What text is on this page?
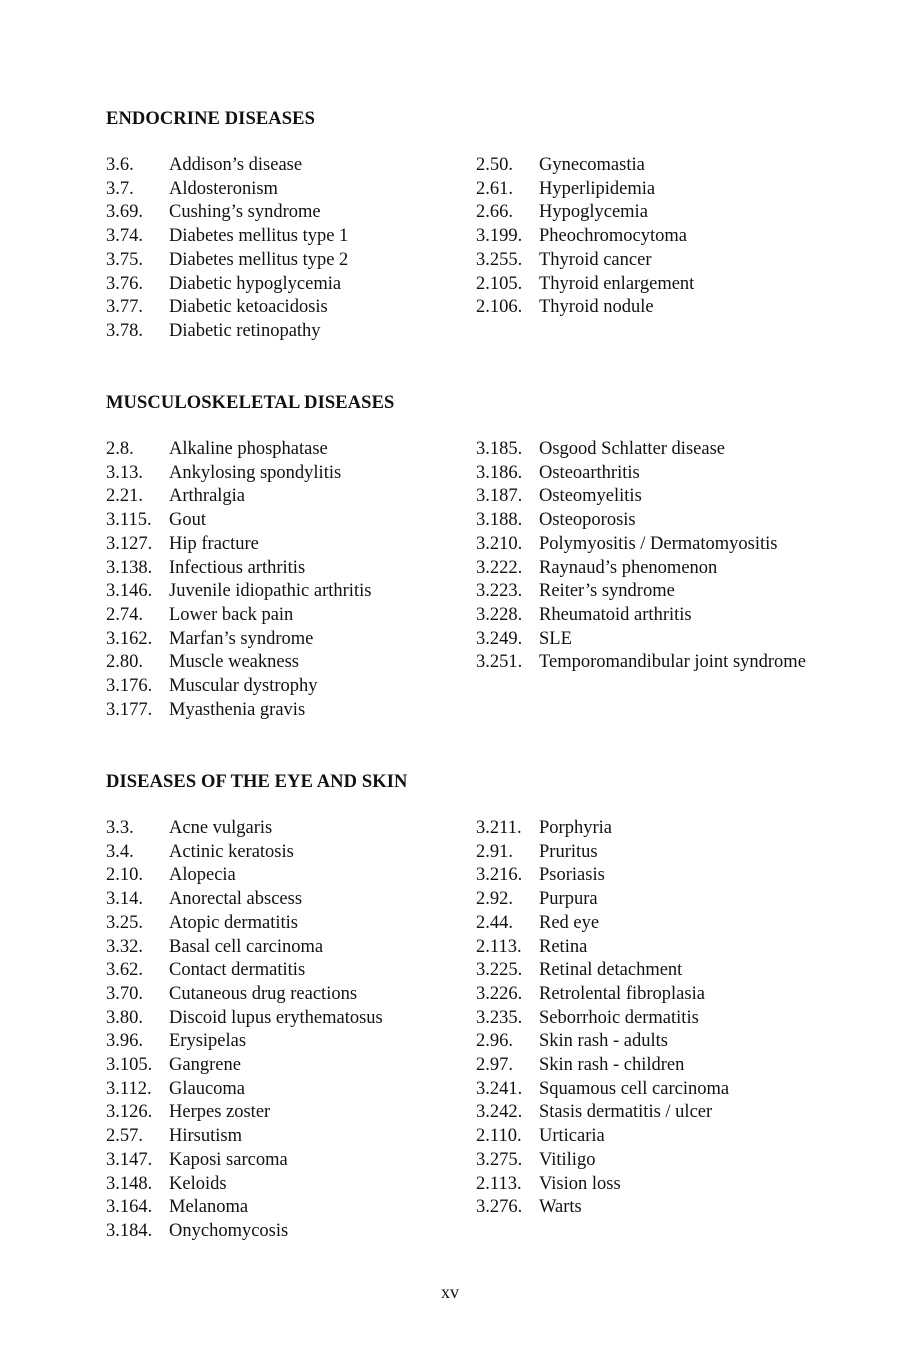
ENDOCRINE DISEASES
3.6. Addison’s disease
3.7. Aldosteronism
3.69. Cushing’s syndrome
3.74. Diabetes mellitus type 1
3.75. Diabetes mellitus type 2
3.76. Diabetic hypoglycemia
3.77. Diabetic ketoacidosis
3.78. Diabetic retinopathy
2.50. Gynecomastia
2.61. Hyperlipidemia
2.66. Hypoglycemia
3.199. Pheochromocytoma
3.255. Thyroid cancer
2.105. Thyroid enlargement
2.106. Thyroid nodule
MUSCULOSKELETAL DISEASES
2.8. Alkaline phosphatase
3.13. Ankylosing spondylitis
2.21. Arthralgia
3.115. Gout
3.127. Hip fracture
3.138. Infectious arthritis
3.146. Juvenile idiopathic arthritis
2.74. Lower back pain
3.162. Marfan’s syndrome
2.80. Muscle weakness
3.176. Muscular dystrophy
3.177. Myasthenia gravis
3.185. Osgood Schlatter disease
3.186. Osteoarthritis
3.187. Osteomyelitis
3.188. Osteoporosis
3.210. Polymyositis / Dermatomyositis
3.222. Raynaud’s phenomenon
3.223. Reiter’s syndrome
3.228. Rheumatoid arthritis
3.249. SLE
3.251. Temporomandibular joint syndrome
DISEASES OF THE EYE AND SKIN
3.3. Acne vulgaris
3.4. Actinic keratosis
2.10. Alopecia
3.14. Anorectal abscess
3.25. Atopic dermatitis
3.32. Basal cell carcinoma
3.62. Contact dermatitis
3.70. Cutaneous drug reactions
3.80. Discoid lupus erythematosus
3.96. Erysipelas
3.105. Gangrene
3.112. Glaucoma
3.126. Herpes zoster
2.57. Hirsutism
3.147. Kaposi sarcoma
3.148. Keloids
3.164. Melanoma
3.184. Onychomycosis
3.211. Porphyria
2.91. Pruritus
3.216. Psoriasis
2.92. Purpura
2.44. Red eye
2.113. Retina
3.225. Retinal detachment
3.226. Retrolental fibroplasia
3.235. Seborrhoic dermatitis
2.96. Skin rash - adults
2.97. Skin rash - children
3.241. Squamous cell carcinoma
3.242. Stasis dermatitis / ulcer
2.110. Urticaria
3.275. Vitiligo
2.113. Vision loss
3.276. Warts
xv
